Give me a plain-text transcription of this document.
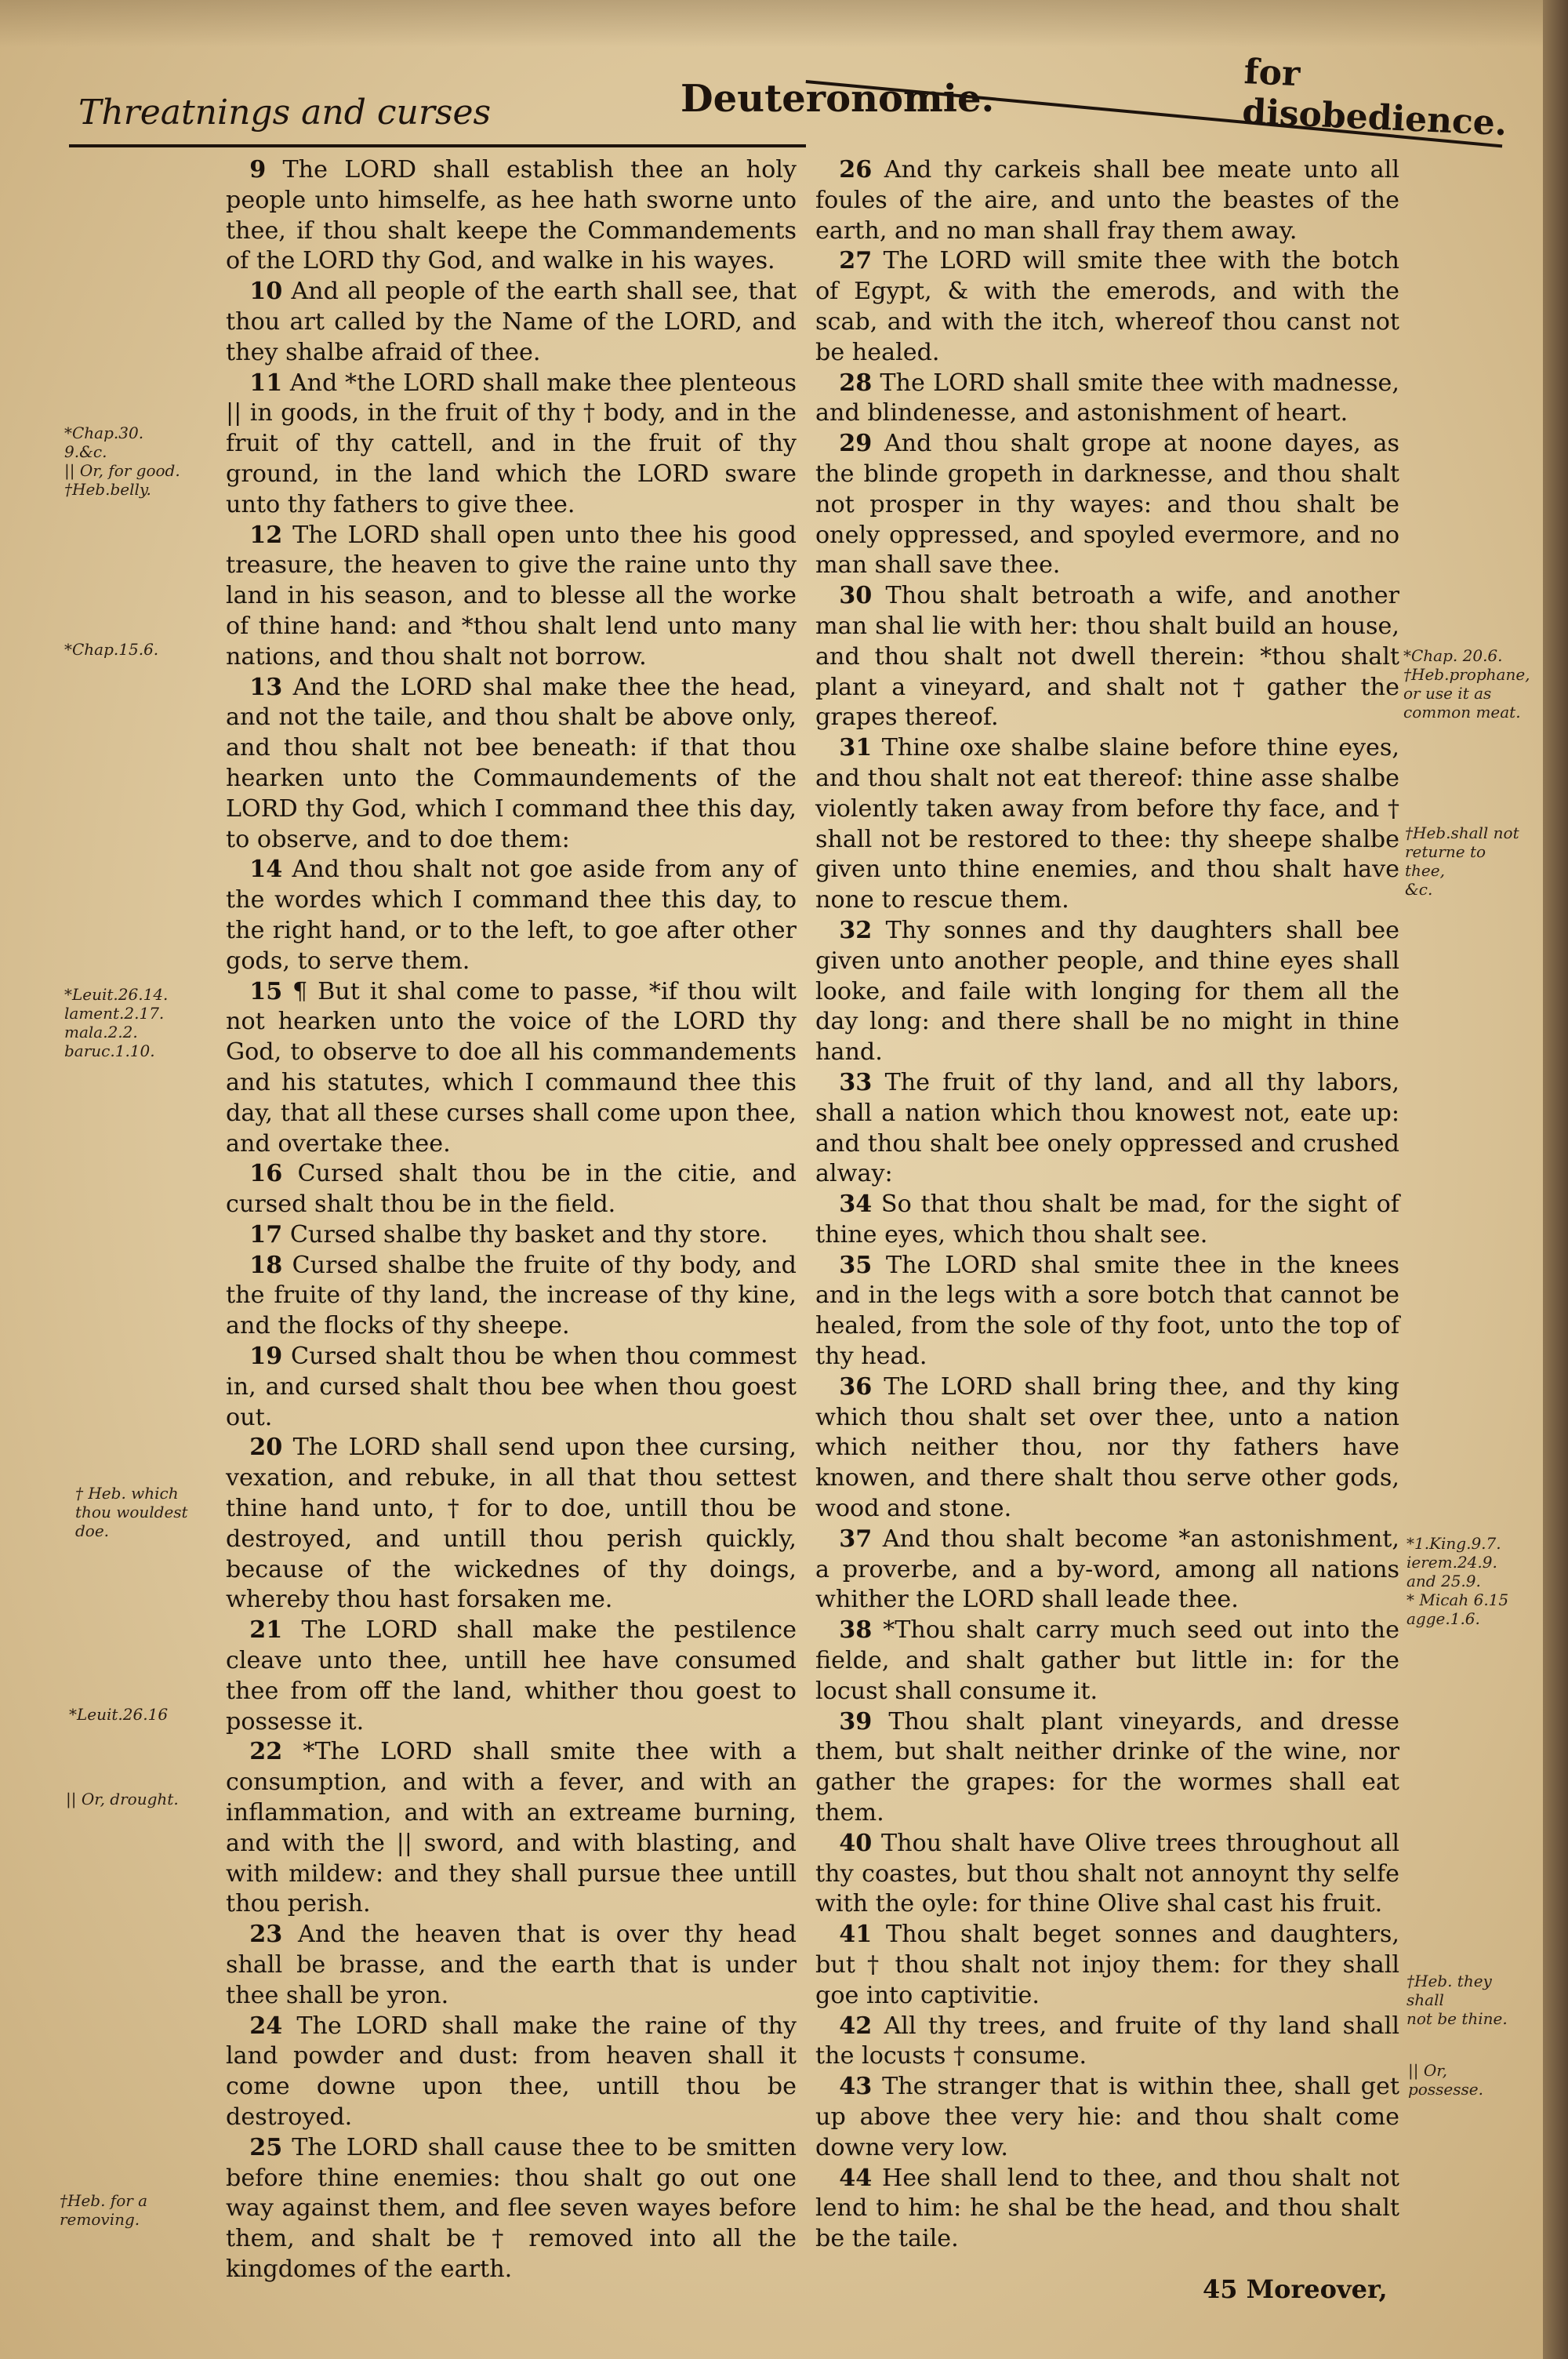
Threatnings and curses	Deuteronomie.
for disobedience.

 9 The LORD shall establish thee an holy people unto himselfe, as hee hath sworne unto thee, if thou shalt keepe the Commandements of the LORD thy God, and walke in his wayes.

 10 And all people of the earth shall see, that thou art called by the Name of the LORD, and they shalbe afraid of thee.

 11 And *the LORD shall make thee plenteous || in goods, in the fruit of thy † body, and in the fruit of thy cattell, and in the fruit of thy ground, in the land which the LORD sware unto thy fathers to give thee.

 12 The LORD shall open unto thee his good treasure, the heaven to give the raine unto thy land in his season, and to blesse all the worke of thine hand: and *thou shalt lend unto many nations, and thou shalt not borrow.

 13 And the LORD shal make thee the head, and not the taile, and thou shalt be above only, and thou shalt not bee beneath: if that thou hearken unto the Commaundements of the LORD thy God, which I command thee this day, to observe, and to doe them:

 14 And thou shalt not goe aside from any of the wordes which I command thee this day, to the right hand, or to the left, to goe after other gods, to serve them.

 15 ¶ But it shal come to passe, *if thou wilt not hearken unto the voice of the LORD thy God, to observe to doe all his commandements and his statutes, which I commaund thee this day, that all these curses shall come upon thee, and overtake thee.

 16 Cursed shalt thou be in the citie, and cursed shalt thou be in the field.

 17 Cursed shalbe thy basket and thy store.

 18 Cursed shalbe the fruite of thy body, and the fruite of thy land, the increase of thy kine, and the flocks of thy sheepe.

 19 Cursed shalt thou be when thou commest in, and cursed shalt thou bee when thou goest out.

 20 The LORD shall send upon thee cursing, vexation, and rebuke, in all that thou settest thine hand unto, † for to doe, untill thou be destroyed, and untill thou perish quickly, because of the wickednes of thy doings, whereby thou hast forsaken me.

 21 The LORD shall make the pestilence cleave unto thee, untill hee have consumed thee from off the land, whither thou goest to possesse it.

 22 *The LORD shall smite thee with a consumption, and with a fever, and with an inflammation, and with an extreame burning, and with the || sword, and with blasting, and with mildew: and they shall pursue thee untill thou perish.

 23 And the heaven that is over thy head shall be brasse, and the earth that is under thee shall be yron.

 24 The LORD shall make the raine of thy land powder and dust: from heaven shall it come downe upon thee, untill thou be destroyed.

 25 The LORD shall cause thee to be smitten before thine enemies: thou shalt go out one way against them, and flee seven wayes before them, and shalt be † removed into all the kingdomes of the earth.

 26 And thy carkeis shall bee meate unto all foules of the aire, and unto the beastes of the earth, and no man shall fray them away.

 27 The LORD will smite thee with the botch of Egypt, & with the emerods, and with the scab, and with the itch, whereof thou canst not be healed.

 28 The LORD shall smite thee with madnesse, and blindenesse, and astonishment of heart.

 29 And thou shalt grope at noone dayes, as the blinde gropeth in darknesse, and thou shalt not prosper in thy wayes: and thou shalt be onely oppressed, and spoyled evermore, and no man shall save thee.

 30 Thou shalt betroath a wife, and another man shal lie with her: thou shalt build an house, and thou shalt not dwell therein: *thou shalt plant a vineyard, and shalt not † gather the grapes thereof.

 31 Thine oxe shalbe slaine before thine eyes, and thou shalt not eat thereof: thine asse shalbe violently taken away from before thy face, and † shall not be restored to thee: thy sheepe shalbe given unto thine enemies, and thou shalt have none to rescue them.

 32 Thy sonnes and thy daughters shall bee given unto another people, and thine eyes shall looke, and faile with longing for them all the day long: and there shall be no might in thine hand.

 33 The fruit of thy land, and all thy labors, shall a nation which thou knowest not, eate up: and thou shalt bee onely oppressed and crushed alway:

 34 So that thou shalt be mad, for the sight of thine eyes, which thou shalt see.

 35 The LORD shal smite thee in the knees and in the legs with a sore botch that cannot be healed, from the sole of thy foot, unto the top of thy head.

 36 The LORD shall bring thee, and thy king which thou shalt set over thee, unto a nation which neither thou, nor thy fathers have knowen, and there shalt thou serve other gods, wood and stone.

 37 And thou shalt become *an astonishment, a proverbe, and a by-word, among all nations whither the LORD shall leade thee.

 38 *Thou shalt carry much seed out into the fielde, and shalt gather but little in: for the locust shall consume it.

 39 Thou shalt plant vineyards, and dresse them, but shalt neither drinke of the wine, nor gather the grapes: for the wormes shall eat them.

 40 Thou shalt have Olive trees throughout all thy coastes, but thou shalt not annoynt thy selfe with the oyle: for thine Olive shal cast his fruit.

 41 Thou shalt beget sonnes and daughters, but † thou shalt not injoy them: for they shall goe into captivitie.

 42 All thy trees, and fruite of thy land shall the locusts † consume.

 43 The stranger that is within thee, shall get up above thee very hie: and thou shalt come downe very low.

 44 Hee shall lend to thee, and thou shalt not lend to him: he shal be the head, and thou shalt be the taile.

*Chap.30.
9.&c.
|| Or, for good.
†Heb.belly.
*Chap.15.6.
*Leuit.26.14.
lament.2.17.
mala.2.2.
baruc.1.10.
† Heb. which
thou wouldest
doe.
*Leuit.26.16
|| Or, drought.
†Heb. for a
removing.
*Chap. 20.6.
†Heb.prophane,
or use it as common meat.
†Heb.shall not
returne to thee,
&c.
*1.King.9.7.
ierem.24.9.
and 25.9.
* Micah 6.15
agge.1.6.
†Heb. they shall
not be thine.
|| Or, possesse.
45 Moreover,
